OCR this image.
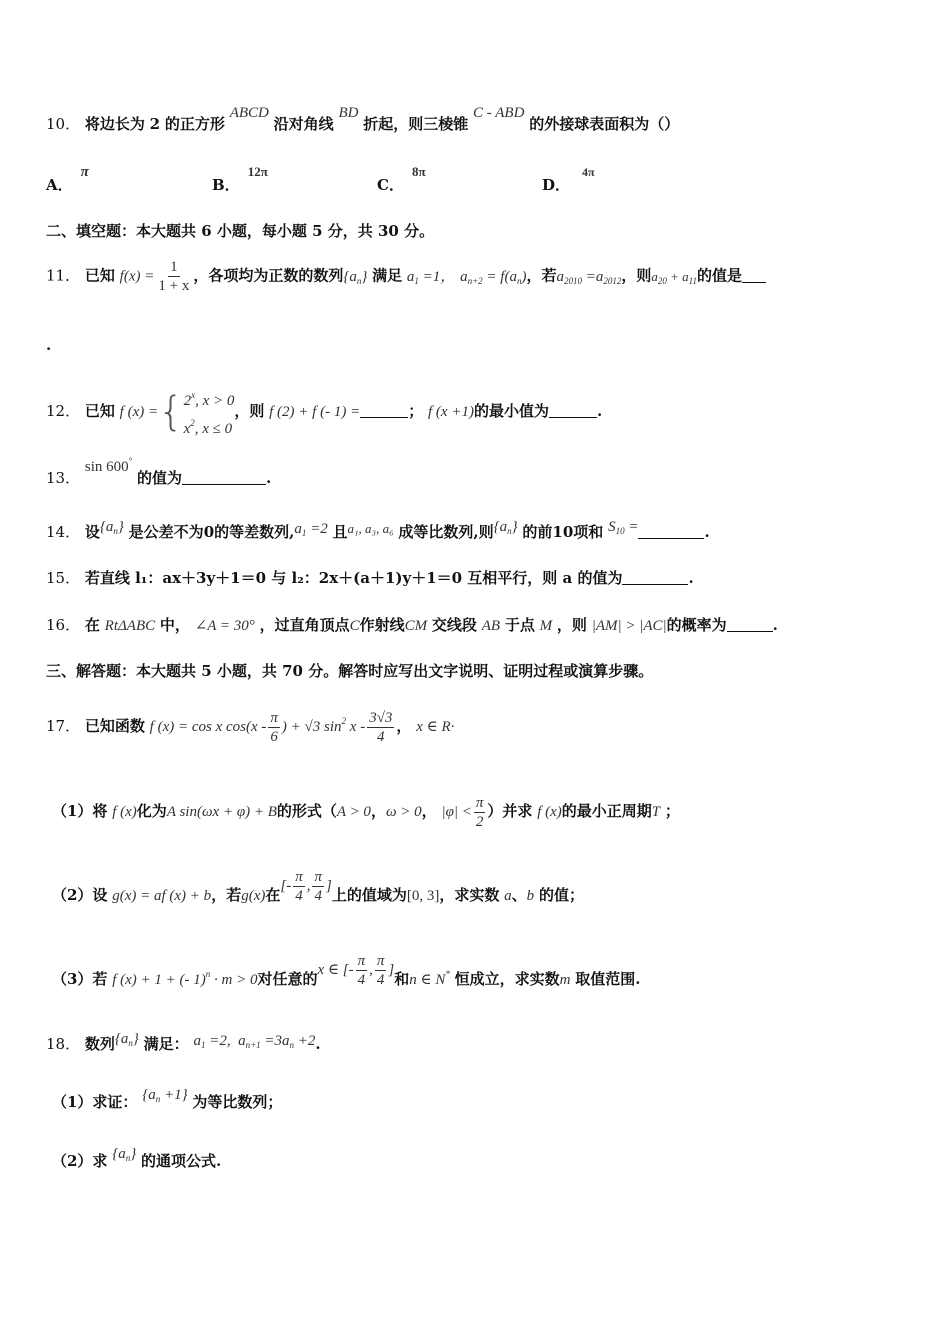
10． 将边长为 2 的正方形 ABCD 沿对角线 BD 折起，则三棱锥 C - ABD 的外接球表面积为（）
A．π
B．12π
C．8π
D．$^{4\pi}$
二、填空题：本大题共 6 小题，每小题 5 分，共 30 分。
11． 已知 $f(x) = \frac{1}{1 + x}$ ，各项均为正数的数列$\{a_n\}$ 满足 $a_1 =1$， $a_{n+2} = f(a_n)$，若$a_{2010} =a_{2012}$，则$a_{20} + a_{11}$的值是
.
12． 已知 f (x) ={ 2$^x$, x > 0
$x^2$, x ≤ 0
，则 f (2) + f (- 1) =	； f (x +1)的最小值为	.
13． sin 600° 的值为	.
14． 设$\{a_n\}$ 是公差不为0的等差数列$,a_1 =2$ 且a₁, a₃, a₆ 成等比数列,则$\{a_n\}$ 的前10项和 $S_{10}$ =	.
15． 若直线 l₁：ax＋3y＋1＝0 与 l₂：2x＋(a＋1)y＋1＝0 互相平行，则 a 的值为	.
16． 在 RtΔABC 中， ∠A = 30° ，过直角顶点C作射线CM 交线段 AB 于点 M ，则 |AM| > |AC|的概率为	.
三、解答题：本大题共 5 小题，共 70 分。解答时应写出文字说明、证明过程或演算步骤。
17． 已知函数 f (x) = cos x $\cos(x - \frac{\pi}{6}$ ) + √3 $\sin^2 x - \frac{3√3}{4}$ ， x ∈ R·
（1）将 f (x)化为A sin(ωx + φ) + B的形式（A > 0，ω > 0， $|\varphi| < \frac{\pi}{2}$ ）并求 f (x)的最小正周期T ；
（2）设 g(x) = af (x) + b，若g(x)在[- $\frac{\pi}{4}$ , $\frac{\pi}{4}$ ]上的值域为[0, 3]，求实数 a、b 的值；
（3）若 f (x) + 1 + (- 1)$^n$ · m > 0对任意的x ∈ [- $\frac{\pi}{4}$ , $\frac{\pi}{4}$ ]和n ∈ N* 恒成立，求实数m 取值范围.
18． 数列$\{a_n\}$ 满足： $a_1 =2$, $a_{n+1} =3a_n +2$.
（1）求证： $\{a_n +1\}$ 为等比数列；
（2）求 $\{a_n\}$ 的通项公式.
